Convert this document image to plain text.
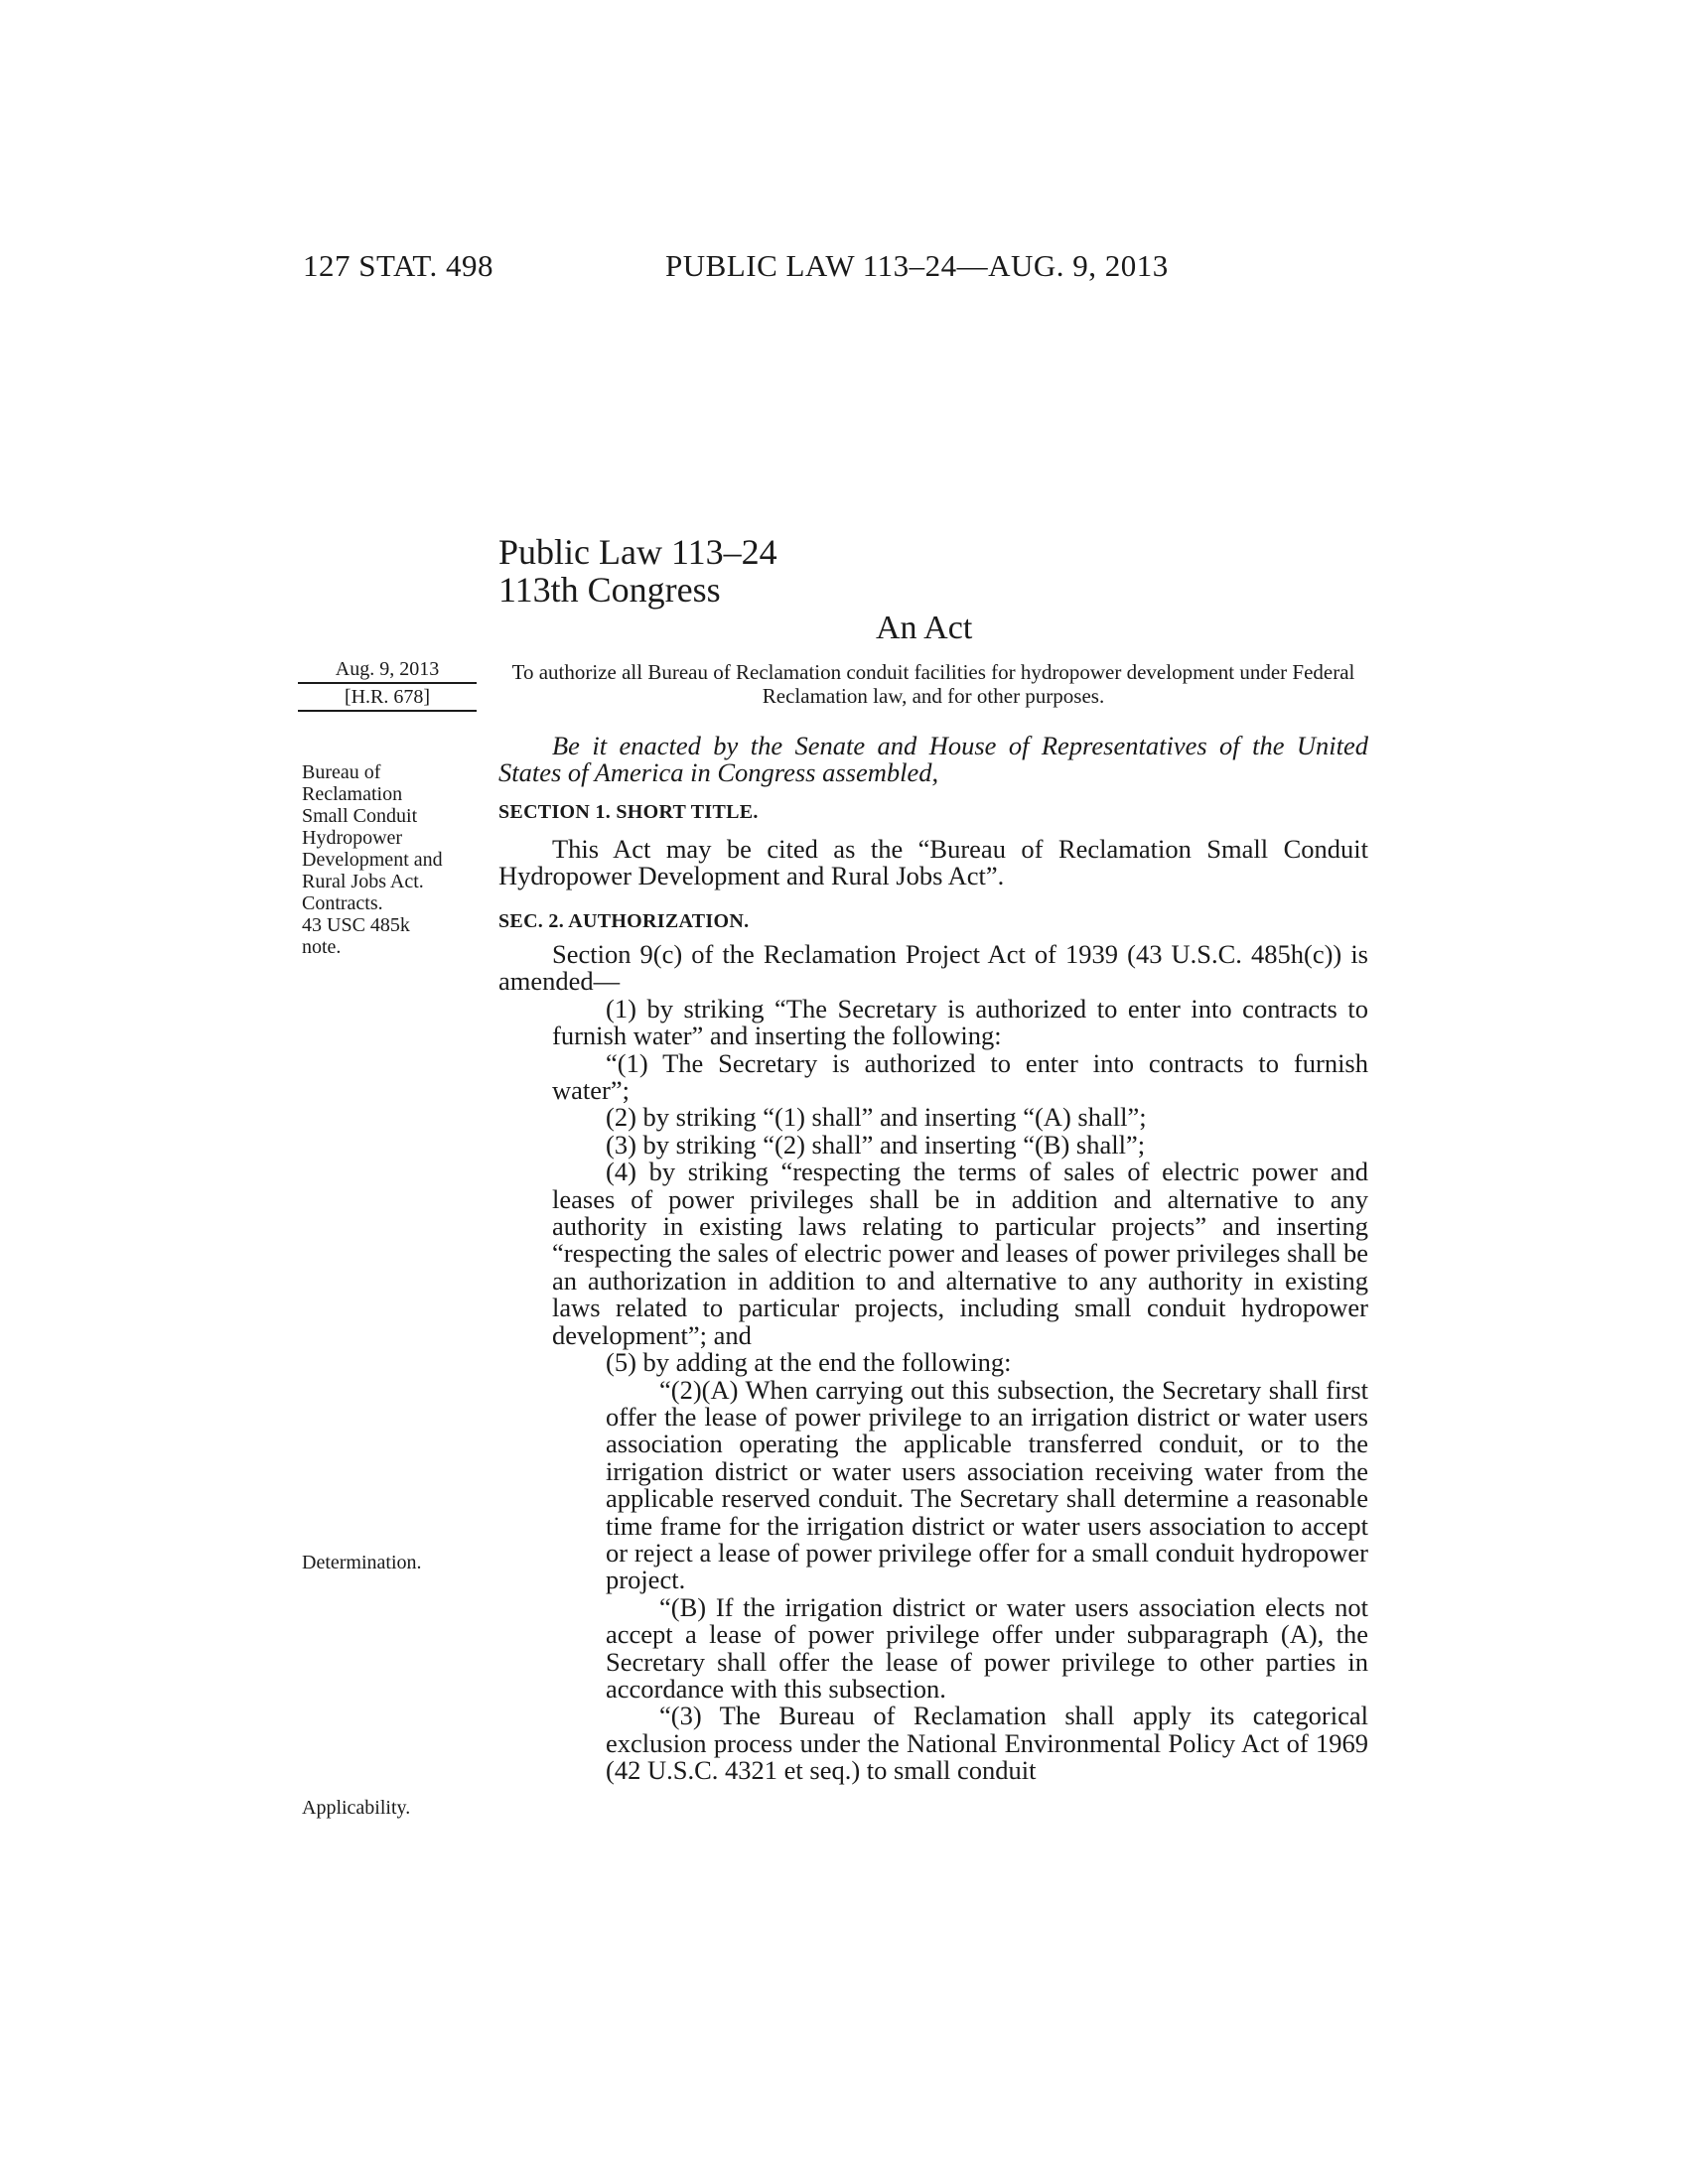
127 STAT. 498	PUBLIC LAW 113–24—AUG. 9, 2013
Public Law 113–24
113th Congress
An Act
Aug. 9, 2013
[H.R. 678]
Bureau of
Reclamation
Small Conduit
Hydropower
Development and
Rural Jobs Act.
Contracts.
43 USC 485k
note.
Determination.
Applicability.
To authorize all Bureau of Reclamation conduit facilities for hydropower development under Federal Reclamation law, and for other purposes.

Be it enacted by the Senate and House of Representatives of the United States of America in Congress assembled,

SECTION 1. SHORT TITLE.

This Act may be cited as the “Bureau of Reclamation Small Conduit Hydropower Development and Rural Jobs Act”.

SEC. 2. AUTHORIZATION.

Section 9(c) of the Reclamation Project Act of 1939 (43 U.S.C. 485h(c)) is amended—

(1) by striking “The Secretary is authorized to enter into contracts to furnish water” and inserting the following:

“(1) The Secretary is authorized to enter into contracts to furnish water”;

(2) by striking “(1) shall” and inserting “(A) shall”;

(3) by striking “(2) shall” and inserting “(B) shall”;

(4) by striking “respecting the terms of sales of electric power and leases of power privileges shall be in addition and alternative to any authority in existing laws relating to particular projects” and inserting “respecting the sales of electric power and leases of power privileges shall be an authorization in addition to and alternative to any authority in existing laws related to particular projects, including small conduit hydropower development”; and

(5) by adding at the end the following:

“(2)(A) When carrying out this subsection, the Secretary shall first offer the lease of power privilege to an irrigation district or water users association operating the applicable transferred conduit, or to the irrigation district or water users association receiving water from the applicable reserved conduit. The Secretary shall determine a reasonable time frame for the irrigation district or water users association to accept or reject a lease of power privilege offer for a small conduit hydropower project.

“(B) If the irrigation district or water users association elects not accept a lease of power privilege offer under subparagraph (A), the Secretary shall offer the lease of power privilege to other parties in accordance with this subsection.

“(3) The Bureau of Reclamation shall apply its categorical exclusion process under the National Environmental Policy Act of 1969 (42 U.S.C. 4321 et seq.) to small conduit
